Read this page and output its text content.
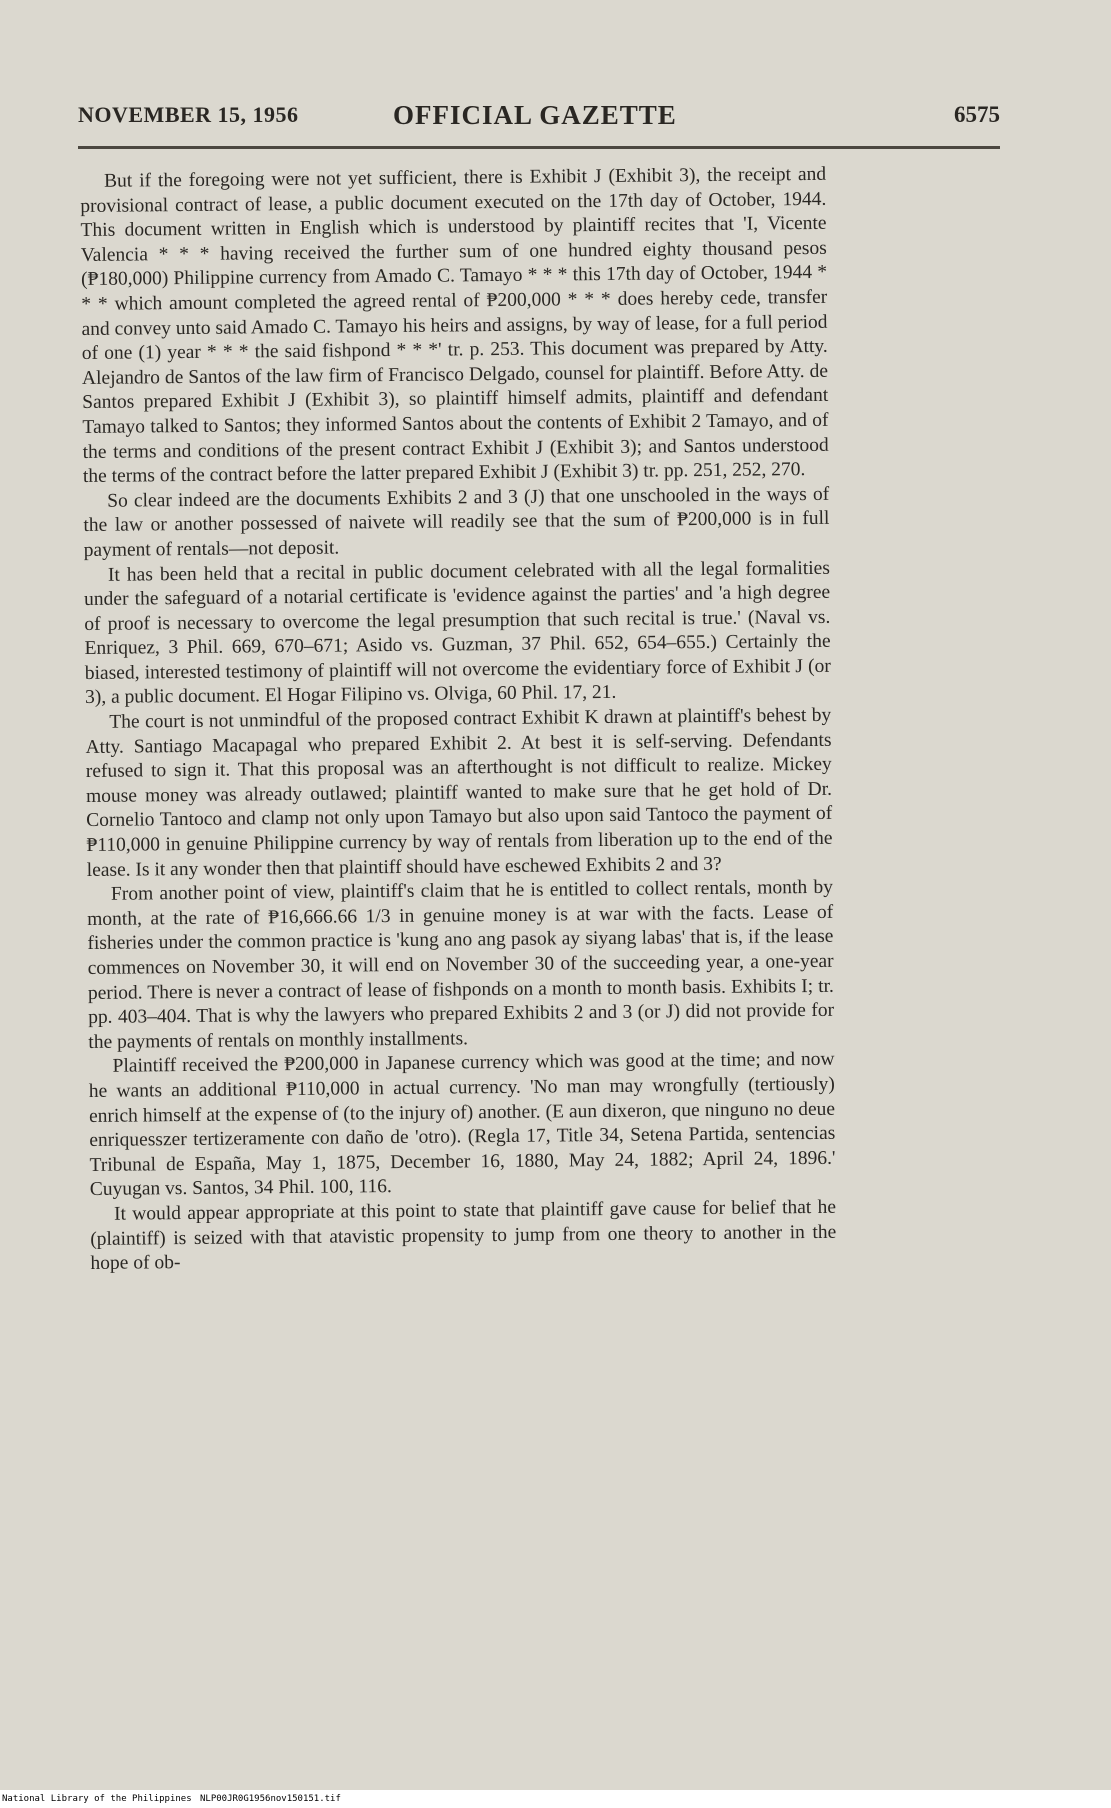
NOVEMBER 15, 1956	OFFICIAL GAZETTE	6575

But if the foregoing were not yet sufficient, there is Exhibit J (Exhibit 3), the receipt and provisional contract of lease, a public document executed on the 17th day of October, 1944. This document written in English which is understood by plaintiff recites that 'I, Vicente Valencia * * * having received the further sum of one hundred eighty thousand pesos (₱180,000) Philippine currency from Amado C. Tamayo * * * this 17th day of October, 1944 * * * which amount completed the agreed rental of ₱200,000 * * * does hereby cede, transfer and convey unto said Amado C. Tamayo his heirs and assigns, by way of lease, for a full period of one (1) year * * * the said fishpond * * *' tr. p. 253. This document was prepared by Atty. Alejandro de Santos of the law firm of Francisco Delgado, counsel for plaintiff. Before Atty. de Santos prepared Exhibit J (Exhibit 3), so plaintiff himself admits, plaintiff and defendant Tamayo talked to Santos; they informed Santos about the contents of Exhibit 2 Tamayo, and of the terms and conditions of the present contract Exhibit J (Exhibit 3); and Santos understood the terms of the contract before the latter prepared Exhibit J (Exhibit 3) tr. pp. 251, 252, 270.

So clear indeed are the documents Exhibits 2 and 3 (J) that one unschooled in the ways of the law or another possessed of naivete will readily see that the sum of ₱200,000 is in full payment of rentals—not deposit.

It has been held that a recital in public document celebrated with all the legal formalities under the safeguard of a notarial certificate is 'evidence against the parties' and 'a high degree of proof is necessary to overcome the legal presumption that such recital is true.' (Naval vs. Enriquez, 3 Phil. 669, 670–671; Asido vs. Guzman, 37 Phil. 652, 654–655.) Certainly the biased, interested testimony of plaintiff will not overcome the evidentiary force of Exhibit J (or 3), a public document. El Hogar Filipino vs. Olviga, 60 Phil. 17, 21.

The court is not unmindful of the proposed contract Exhibit K drawn at plaintiff's behest by Atty. Santiago Macapagal who prepared Exhibit 2. At best it is self-serving. Defendants refused to sign it. That this proposal was an afterthought is not difficult to realize. Mickey mouse money was already outlawed; plaintiff wanted to make sure that he get hold of Dr. Cornelio Tantoco and clamp not only upon Tamayo but also upon said Tantoco the payment of ₱110,000 in genuine Philippine currency by way of rentals from liberation up to the end of the lease. Is it any wonder then that plaintiff should have eschewed Exhibits 2 and 3?

From another point of view, plaintiff's claim that he is entitled to collect rentals, month by month, at the rate of ₱16,666.66 1/3 in genuine money is at war with the facts. Lease of fisheries under the common practice is 'kung ano ang pasok ay siyang labas' that is, if the lease commences on November 30, it will end on November 30 of the succeeding year, a one-year period. There is never a contract of lease of fishponds on a month to month basis. Exhibits I; tr. pp. 403–404. That is why the lawyers who prepared Exhibits 2 and 3 (or J) did not provide for the payments of rentals on monthly installments.

Plaintiff received the ₱200,000 in Japanese currency which was good at the time; and now he wants an additional ₱110,000 in actual currency. 'No man may wrongfully (tertiously) enrich himself at the expense of (to the injury of) another. (E aun dixeron, que ninguno no deue enriquesszer tertizeramente con daño de 'otro). (Regla 17, Title 34, Setena Partida, sentencias Tribunal de España, May 1, 1875, December 16, 1880, May 24, 1882; April 24, 1896.' Cuyugan vs. Santos, 34 Phil. 100, 116.

It would appear appropriate at this point to state that plaintiff gave cause for belief that he (plaintiff) is seized with that atavistic propensity to jump from one theory to another in the hope of ob-

National Library of the Philippines NLP00JR0G1956nov150151.tif
